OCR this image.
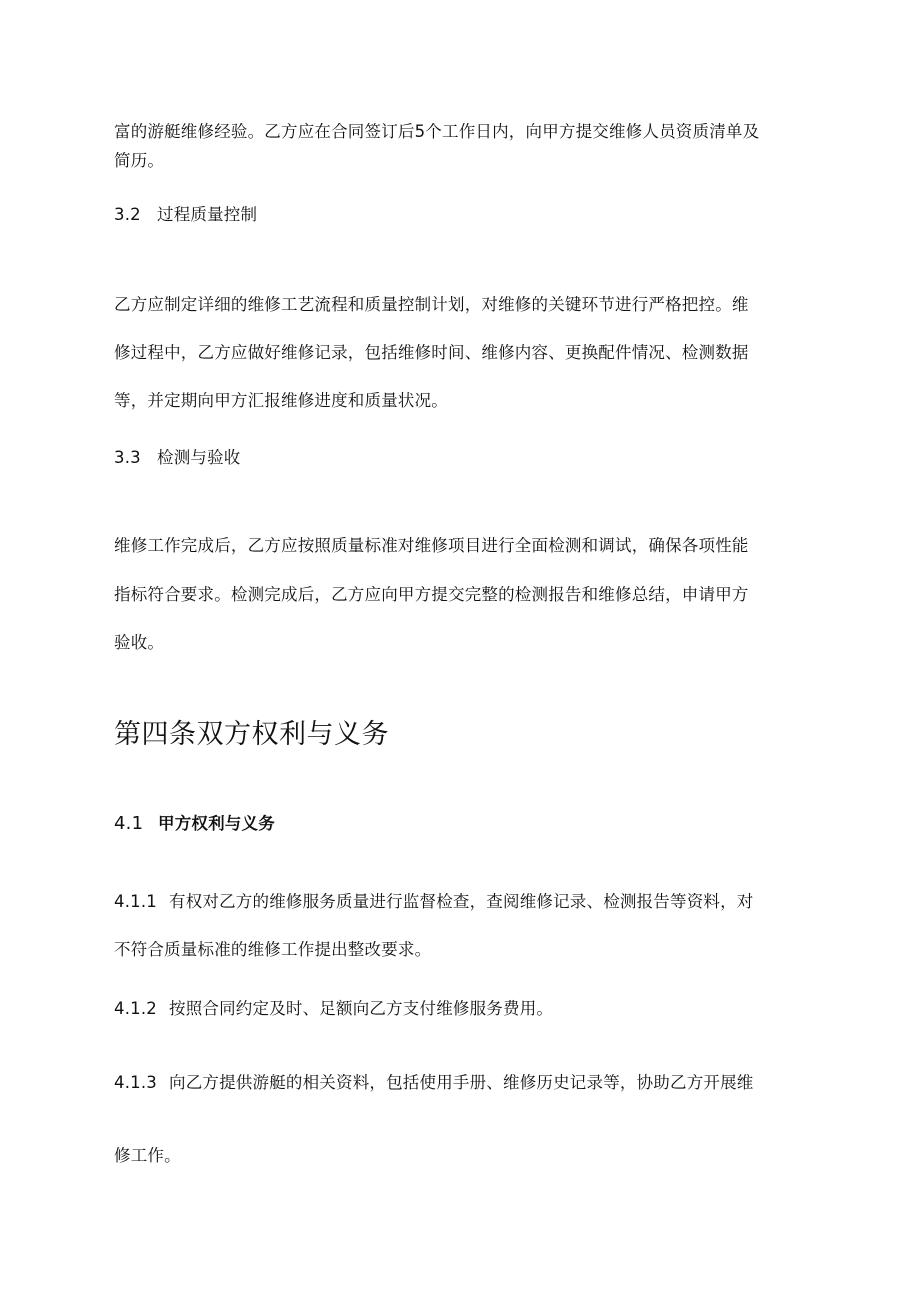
富的游艇维修经验。乙方应在合同签订后5个工作日内，向甲方提交维修人员资质清单及
简历。
3.2 过程质量控制
乙方应制定详细的维修工艺流程和质量控制计划，对维修的关键环节进行严格把控。维
修过程中，乙方应做好维修记录，包括维修时间、维修内容、更换配件情况、检测数据
等，并定期向甲方汇报维修进度和质量状况。
3.3 检测与验收
维修工作完成后，乙方应按照质量标准对维修项目进行全面检测和调试，确保各项性能
指标符合要求。检测完成后，乙方应向甲方提交完整的检测报告和维修总结，申请甲方
验收。
第四条双方权利与义务
4.1 甲方权利与义务
4.1.1 有权对乙方的维修服务质量进行监督检查，查阅维修记录、检测报告等资料，对
不符合质量标准的维修工作提出整改要求。
4.1.2 按照合同约定及时、足额向乙方支付维修服务费用。
4.1.3 向乙方提供游艇的相关资料，包括使用手册、维修历史记录等，协助乙方开展维
修工作。
